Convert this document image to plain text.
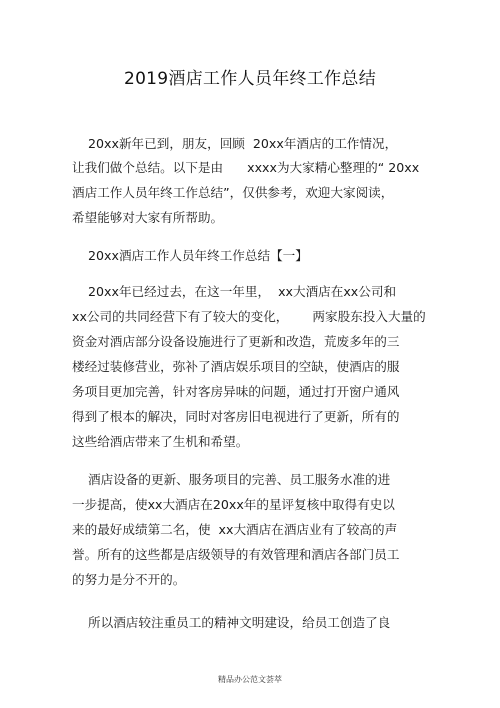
2019酒店工作人员年终工作总结
20xx新年已到，朋友，回顾  20xx年酒店的工作情况，
让我们做个总结。以下是由      xxxx为大家精心整理的“ 20xx
酒店工作人员年终工作总结”，仅供参考，欢迎大家阅读，
希望能够对大家有所帮助。
20xx酒店工作人员年终工作总结【一】
20xx年已经过去，在这一年里，  xx大酒店在xx公司和
xx公司的共同经营下有了较大的变化，      两家股东投入大量的
资金对酒店部分设备设施进行了更新和改造，荒废多年的三
楼经过装修营业，弥补了酒店娱乐项目的空缺，使酒店的服
务项目更加完善，针对客房异味的问题，通过打开窗户通风
得到了根本的解决，同时对客房旧电视进行了更新，所有的
这些给酒店带来了生机和希望。
酒店设备的更新、服务项目的完善、员工服务水准的进
一步提高，使xx大酒店在20xx年的星评复核中取得有史以
来的最好成绩第二名，使  xx大酒店在酒店业有了较高的声
誉。所有的这些都是店级领导的有效管理和酒店各部门员工
的努力是分不开的。
所以酒店较注重员工的精神文明建设，给员工创造了良
精品办公范文荟萃
